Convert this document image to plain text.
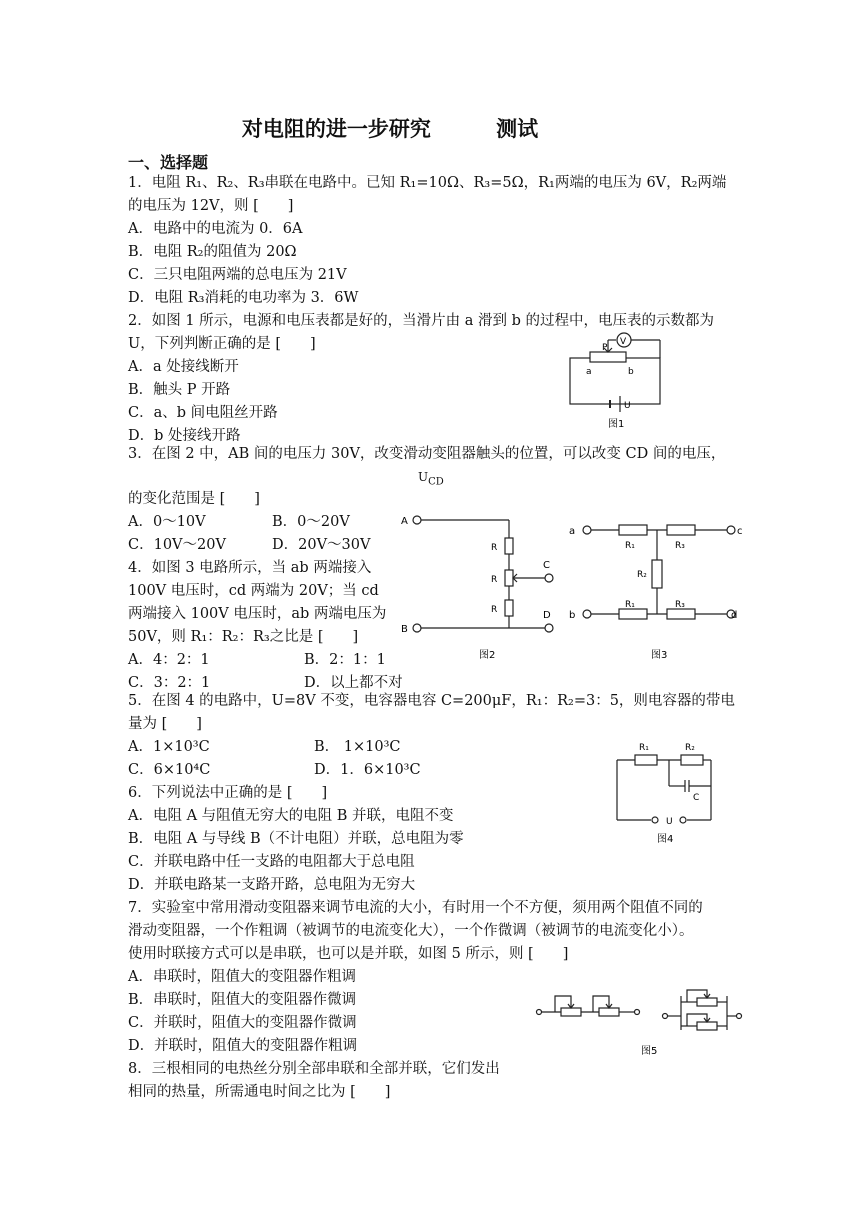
对电阻的进一步研究	测试
一、选择题
1．电阻 R₁、R₂、R₃串联在电路中。已知 R₁=10Ω、R₃=5Ω，R₁两端的电压为 6V，R₂两端
的电压为 12V，则 [　　]
A．电路中的电流为 0．6A
B．电阻 R₂的阻值为 20Ω
C．三只电阻两端的总电压为 21V
D．电阻 R₃消耗的电功率为 3．6W
2．如图 1 所示，电源和电压表都是好的，当滑片由 a 滑到 b 的过程中，电压表的示数都为
U，下列判断正确的是 [　　]
A．a 处接线断开
B．触头 P 开路
C．a、b 间电阻丝开路
D．b 处接线开路
P
V
a	b
U
图1
3．在图 2 中，AB 间的电压力 30V，改变滑动变阻器触头的位置，可以改变 CD 间的电压，
$U_{CD}$
的变化范围是 [　　]
A．0～10V	B．0～20V
C．10V～20V	D．20V～30V
4．如图 3 电路所示，当 ab 两端接入
100V 电压时，cd 两端为 20V；当 cd
两端接入 100V 电压时，ab 两端电压为
50V，则 R₁：R₂：R₃之比是 [　　]
A．4：2：1	B．2：1：1
C．3：2：1	D．以上都不对
A
B
C
D
R
R
R
图2
a	c
b	d
R₁	R₃
R₂
R₁	R₃
图3
5．在图 4 的电路中，U=8V 不变，电容器电容 C=200μF，R₁：R₂=3：5，则电容器的带电
量为 [　　]
A．1×10³C	B． 1×10³C
C．6×10⁴C	D．1．6×10³C
R₁	R₂
C
U
图4
6．下列说法中正确的是 [　　]
A．电阻 A 与阻值无穷大的电阻 B 并联，电阻不变
B．电阻 A 与导线 B（不计电阻）并联，总电阻为零
C．并联电路中任一支路的电阻都大于总电阻
D．并联电路某一支路开路，总电阻为无穷大
7．实验室中常用滑动变阻器来调节电流的大小，有时用一个不方便，须用两个阻值不同的
滑动变阻器，一个作粗调（被调节的电流变化大），一个作微调（被调节的电流变化小）。
使用时联接方式可以是串联，也可以是并联，如图 5 所示，则 [　　]
A．串联时，阻值大的变阻器作粗调
B．串联时，阻值大的变阻器作微调
C．并联时，阻值大的变阻器作微调
D．并联时，阻值大的变阻器作粗调	图5
8．三根相同的电热丝分别全部串联和全部并联，它们发出
相同的热量，所需通电时间之比为 [　　]
